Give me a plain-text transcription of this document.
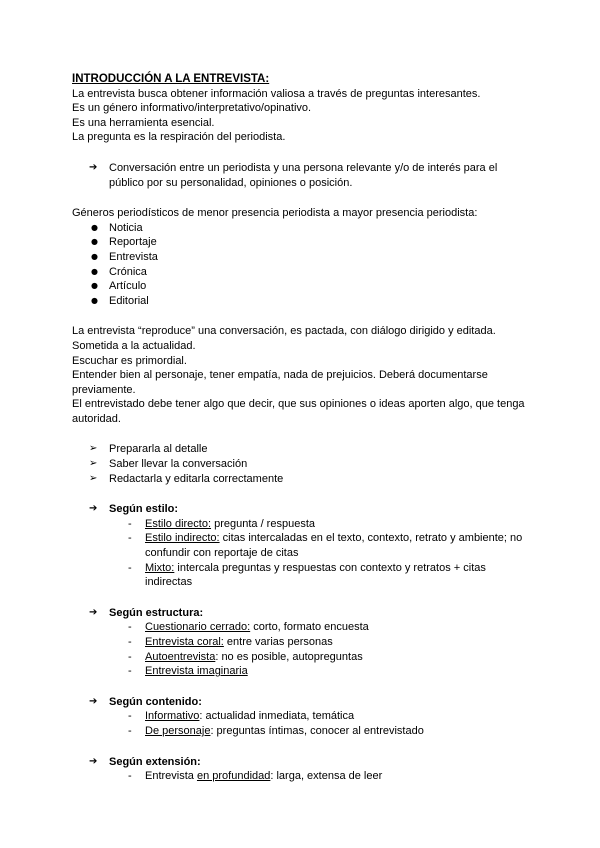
INTRODUCCIÓN A LA ENTREVISTA:

La entrevista busca obtener información valiosa a través de preguntas interesantes.

Es un género informativo/interpretativo/opinativo.

Es una herramienta esencial.

La pregunta es la respiración del periodista.

➔ Conversación entre un periodista y una persona relevante y/o de interés para el público por su personalidad, opiniones o posición.

Géneros periodísticos de menor presencia periodista a mayor presencia periodista:

● Noticia
● Reportaje
● Entrevista
● Crónica
● Artículo
● Editorial

La entrevista “reproduce” una conversación, es pactada, con diálogo dirigido y editada.

Sometida a la actualidad.

Escuchar es primordial.

Entender bien al personaje, tener empatía, nada de prejuicios. Deberá documentarse previamente.

El entrevistado debe tener algo que decir, que sus opiniones o ideas aporten algo, que tenga autoridad.

➢ Prepararla al detalle
➢ Saber llevar la conversación
➢ Redactarla y editarla correctamente

➔ Según estilo:

- Estilo directo: pregunta / respuesta
- Estilo indirecto: citas intercaladas en el texto, contexto, retrato y ambiente; no confundir con reportaje de citas
- Mixto: intercala preguntas y respuestas con contexto y retratos + citas indirectas

➔ Según estructura:

- Cuestionario cerrado: corto, formato encuesta
- Entrevista coral: entre varias personas
- Autoentrevista: no es posible, autopreguntas
- Entrevista imaginaria

➔ Según contenido:

- Informativo: actualidad inmediata, temática
- De personaje: preguntas íntimas, conocer al entrevistado

➔ Según extensión:

- Entrevista en profundidad: larga, extensa de leer
